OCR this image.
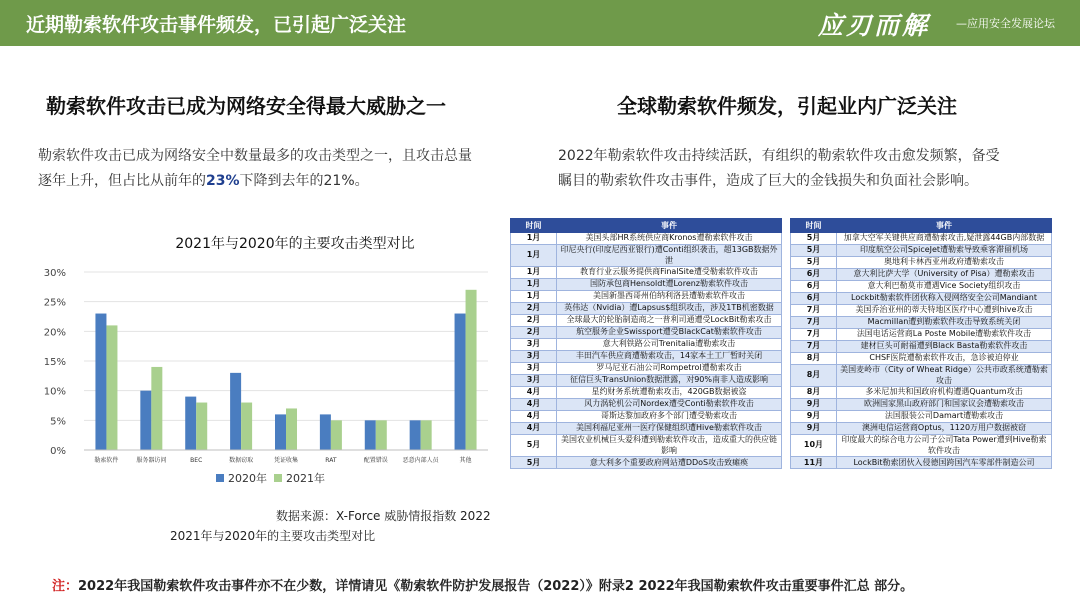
近期勒索软件攻击事件频发，已引起广泛关注	应刃而解 —应用安全发展论坛
勒索软件攻击已成为网络安全得最大威胁之一
勒索软件攻击已成为网络安全中数量最多的攻击类型之一，且攻击总量
逐年上升，但占比从前年的23%下降到去年的21%。
全球勒索软件频发，引起业内广泛关注
2022年勒索软件攻击持续活跃，有组织的勒索软件攻击愈发频繁，备受
瞩目的勒索软件攻击事件，造成了巨大的金钱损失和负面社会影响。
2021年与2020年的主要攻击类型对比
0%
5%
10%
15%
20%
25%
30%
勒索软件	服务器访问	BEC	数据窃取	凭证收集	RAT	配置错误 恶意内部人员	其他
2020年 2021年
数据来源：X-Force 威胁情报指数 2022
2021年与2020年的主要攻击类型对比
时间	事件
1月	美国头部HR系统供应商Kronos遭勒索软件攻击
1月	印尼央行(印度尼西亚银行)遭Conti组织袭击，超13GB数据外泄
1月	教育行业云服务提供商FinalSite遭受勒索软件攻击
1月	国防承包商Hensoldt遭Lorenz勒索软件攻击
1月	美国新墨西哥州伯纳利洛县遭勒索软件攻击
2月	英伟达（Nvidia）遭Lapsus$组织攻击，涉及1TB机密数据
2月	全球最大的轮胎制造商之一普利司通遭受LockBit勒索攻击
2月	航空服务企业Swissport遭受BlackCat勒索软件攻击
3月	意大利铁路公司Trenitalia遭勒索攻击
3月	丰田汽车供应商遭勒索攻击，14家本土工厂暂时关闭
3月	罗马尼亚石油公司Rompetrol遭勒索攻击
3月	征信巨头TransUnion数据泄露，对90%南非人造成影响
4月	星约财务系统遭勒索攻击，420GB数据被盗
4月	风力涡轮机公司Nordex遭受Conti勒索软件攻击
4月	哥斯达黎加政府多个部门遭受勒索攻击
4月	美国利福尼亚州一医疗保健组织遭Hive勒索软件攻击
5月	美国农业机械巨头爱科遭到勒索软件攻击，造成重大的供应链影响
5月	意大利多个重要政府网站遭DDoS攻击致瘫痪
时间	事件
5月	加拿大空军关键供应商遭勒索攻击,疑泄露44GB内部数据
5月	印度航空公司SpiceJet遭勒索导致乘客滞留机场
5月	奥地利卡林西亚州政府遭勒索攻击
6月	意大利比萨大学（University of Pisa）遭勒索攻击
6月	意大利巴勒莫市遭遇Vice Society组织攻击
6月	Lockbit勒索软件团伙称入侵网络安全公司Mandiant
7月	美国乔治亚州的蒂夫特地区医疗中心遭到hive攻击
7月	Macmillan遭到勒索软件攻击导致系统关闭
7月	法国电话运营商La Poste Mobile遭勒索软件攻击
7月	建材巨头可耐福遭到Black Basta勒索软件攻击
8月	CHSF医院遭勒索软件攻击，急诊被迫停业
8月	美国麦岭市（City of Wheat Ridge）公共市政系统遭勒索攻击
8月	多米尼加共和国政府机构遭遇Quantum攻击
9月	欧洲国家黑山政府部门和国家议会遭勒索攻击
9月	法国服装公司Damart遭勒索攻击
9月	澳洲电信运营商Optus，1120万用户数据被窃
10月	印度最大的综合电力公司子公司Tata Power遭到Hive勒索软件攻击
11月	LockBit勒索团伙入侵德国跨国汽车零部件制造公司
注：2022年我国勒索软件攻击事件亦不在少数，详情请见《勒索软件防护发展报告（2022）》附录2 2022年我国勒索软件攻击重要事件汇总 部分。
